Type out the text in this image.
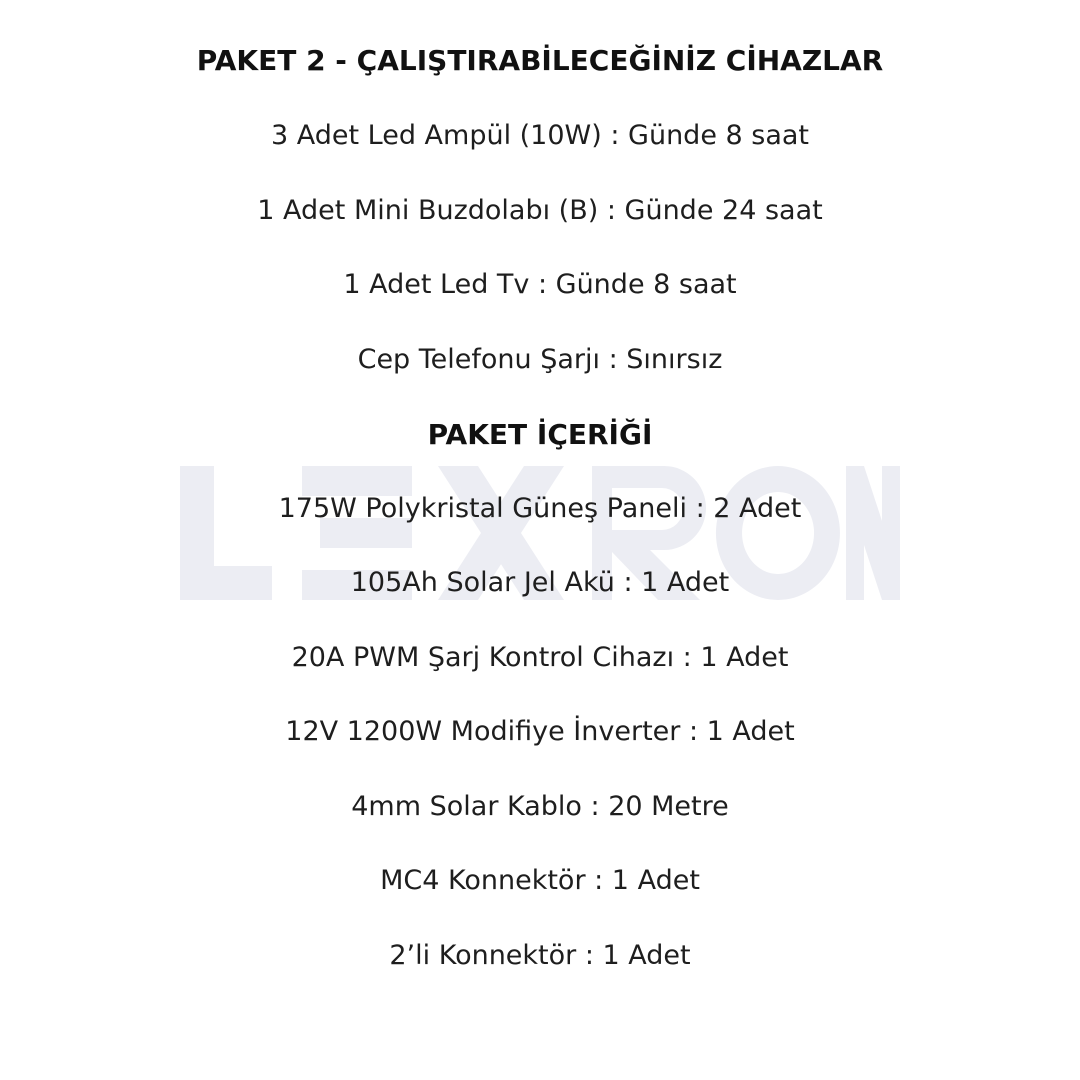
PAKET 2 - ÇALIŞTIRABİLECEĞİNİZ CİHAZLAR
3 Adet Led Ampül (10W) : Günde 8 saat
1 Adet Mini Buzdolabı (B) : Günde 24 saat
1 Adet Led Tv : Günde 8 saat
Cep Telefonu Şarjı : Sınırsız
PAKET İÇERİĞİ
175W Polykristal Güneş Paneli : 2 Adet
105Ah Solar Jel Akü : 1 Adet
20A PWM Şarj Kontrol Cihazı : 1 Adet
12V 1200W Modifiye İnverter : 1 Adet
4mm Solar Kablo : 20 Metre
MC4 Konnektör : 1 Adet
2’li Konnektör : 1 Adet
